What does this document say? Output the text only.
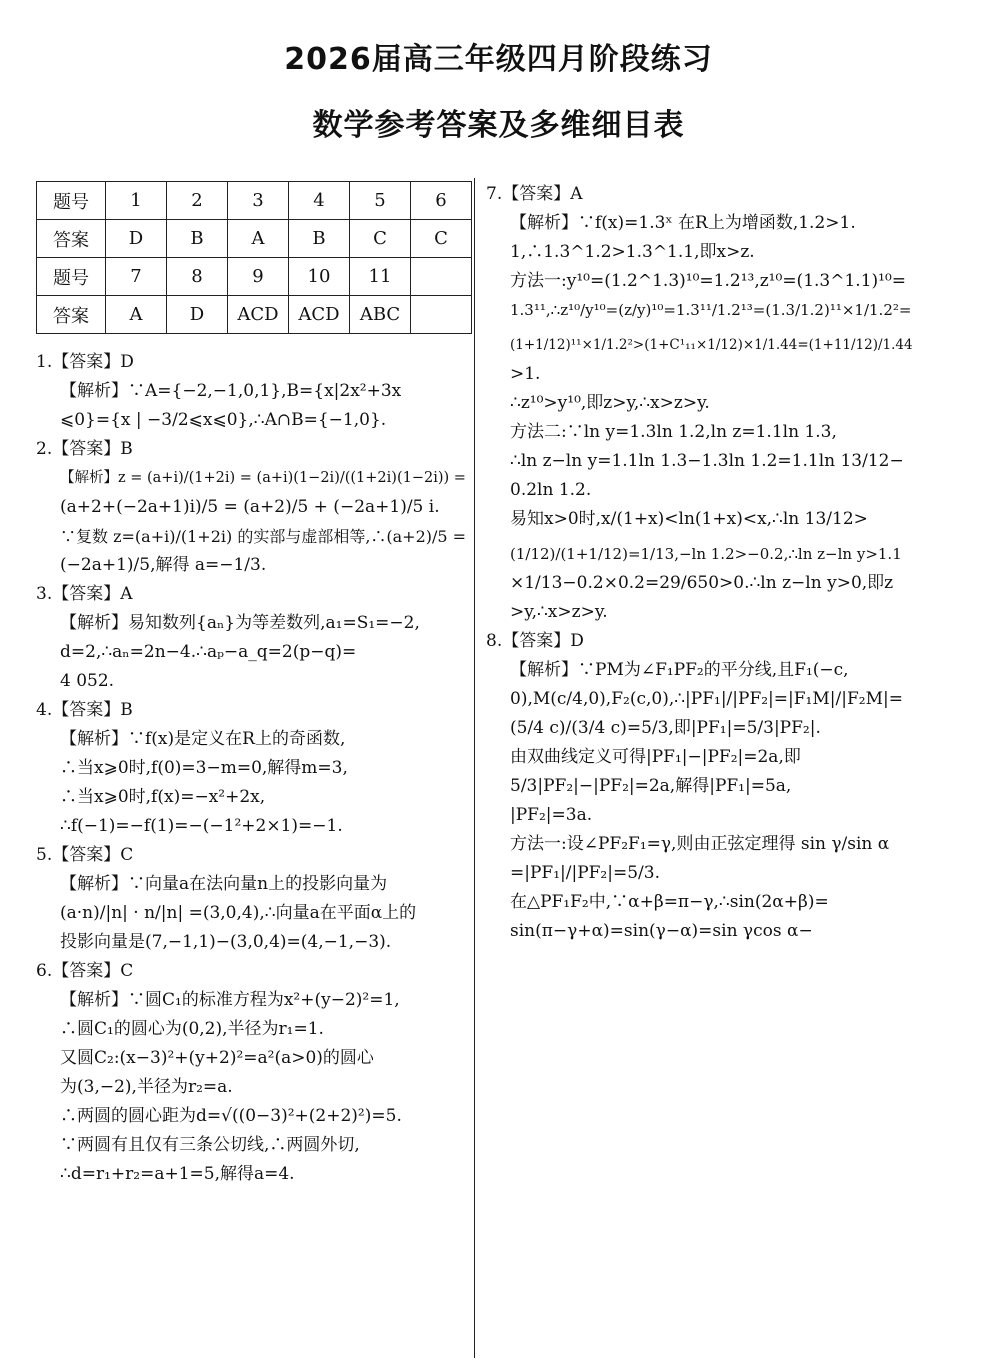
2026届高三年级四月阶段练习
数学参考答案及多维细目表
题号	1	2	3	4	5	6
答案	D	B	A	B	C	C
题号	7	8	9	10	11	
答案	A	D	ACD	ACD	ABC	
1.【答案】D
【解析】∵A={−2,−1,0,1},B={x|2x²+3x
⩽0}={x | −3/2⩽x⩽0},∴A∩B={−1,0}.
2.【答案】B
【解析】z = (a+i)/(1+2i) = (a+i)(1−2i)/((1+2i)(1−2i)) =
(a+2+(−2a+1)i)/5 = (a+2)/5 + (−2a+1)/5 i.
∵复数 z=(a+i)/(1+2i) 的实部与虚部相等,∴(a+2)/5 =
(−2a+1)/5,解得 a=−1/3.
3.【答案】A
【解析】易知数列{aₙ}为等差数列,a₁=S₁=−2,
d=2,∴aₙ=2n−4.∴aₚ−a_q=2(p−q)=
4 052.
4.【答案】B
【解析】∵f(x)是定义在R上的奇函数,
∴当x⩾0时,f(0)=3−m=0,解得m=3,
∴当x⩾0时,f(x)=−x²+2x,
∴f(−1)=−f(1)=−(−1²+2×1)=−1.
5.【答案】C
【解析】∵向量a在法向量n上的投影向量为
(a·n)/|n| · n/|n| =(3,0,4),∴向量a在平面α上的
投影向量是(7,−1,1)−(3,0,4)=(4,−1,−3).
6.【答案】C
【解析】∵圆C₁的标准方程为x²+(y−2)²=1,
∴圆C₁的圆心为(0,2),半径为r₁=1.
又圆C₂:(x−3)²+(y+2)²=a²(a>0)的圆心
为(3,−2),半径为r₂=a.
∴两圆的圆心距为d=√((0−3)²+(2+2)²)=5.
∵两圆有且仅有三条公切线,∴两圆外切,
∴d=r₁+r₂=a+1=5,解得a=4.
7.【答案】A
【解析】∵f(x)=1.3ˣ 在R上为增函数,1.2>1.
1,∴1.3^1.2>1.3^1.1,即x>z.
方法一:y¹⁰=(1.2^1.3)¹⁰=1.2¹³,z¹⁰=(1.3^1.1)¹⁰=
1.3¹¹,∴z¹⁰/y¹⁰=(z/y)¹⁰=1.3¹¹/1.2¹³=(1.3/1.2)¹¹×1/1.2²=
(1+1/12)¹¹×1/1.2²>(1+C¹₁₁×1/12)×1/1.44=(1+11/12)/1.44
>1.
∴z¹⁰>y¹⁰,即z>y,∴x>z>y.
方法二:∵ln y=1.3ln 1.2,ln z=1.1ln 1.3,
∴ln z−ln y=1.1ln 1.3−1.3ln 1.2=1.1ln 13/12−
0.2ln 1.2.
易知x>0时,x/(1+x)<ln(1+x)<x,∴ln 13/12>
(1/12)/(1+1/12)=1/13,−ln 1.2>−0.2,∴ln z−ln y>1.1
×1/13−0.2×0.2=29/650>0.∴ln z−ln y>0,即z
>y,∴x>z>y.
8.【答案】D
【解析】∵PM为∠F₁PF₂的平分线,且F₁(−c,
0),M(c/4,0),F₂(c,0),∴|PF₁|/|PF₂|=|F₁M|/|F₂M|=
(5/4 c)/(3/4 c)=5/3,即|PF₁|=5/3|PF₂|.
由双曲线定义可得|PF₁|−|PF₂|=2a,即
5/3|PF₂|−|PF₂|=2a,解得|PF₁|=5a,
|PF₂|=3a.
方法一:设∠PF₂F₁=γ,则由正弦定理得 sin γ/sin α
=|PF₁|/|PF₂|=5/3.
在△PF₁F₂中,∵α+β=π−γ,∴sin(2α+β)=
sin(π−γ+α)=sin(γ−α)=sin γcos α−
